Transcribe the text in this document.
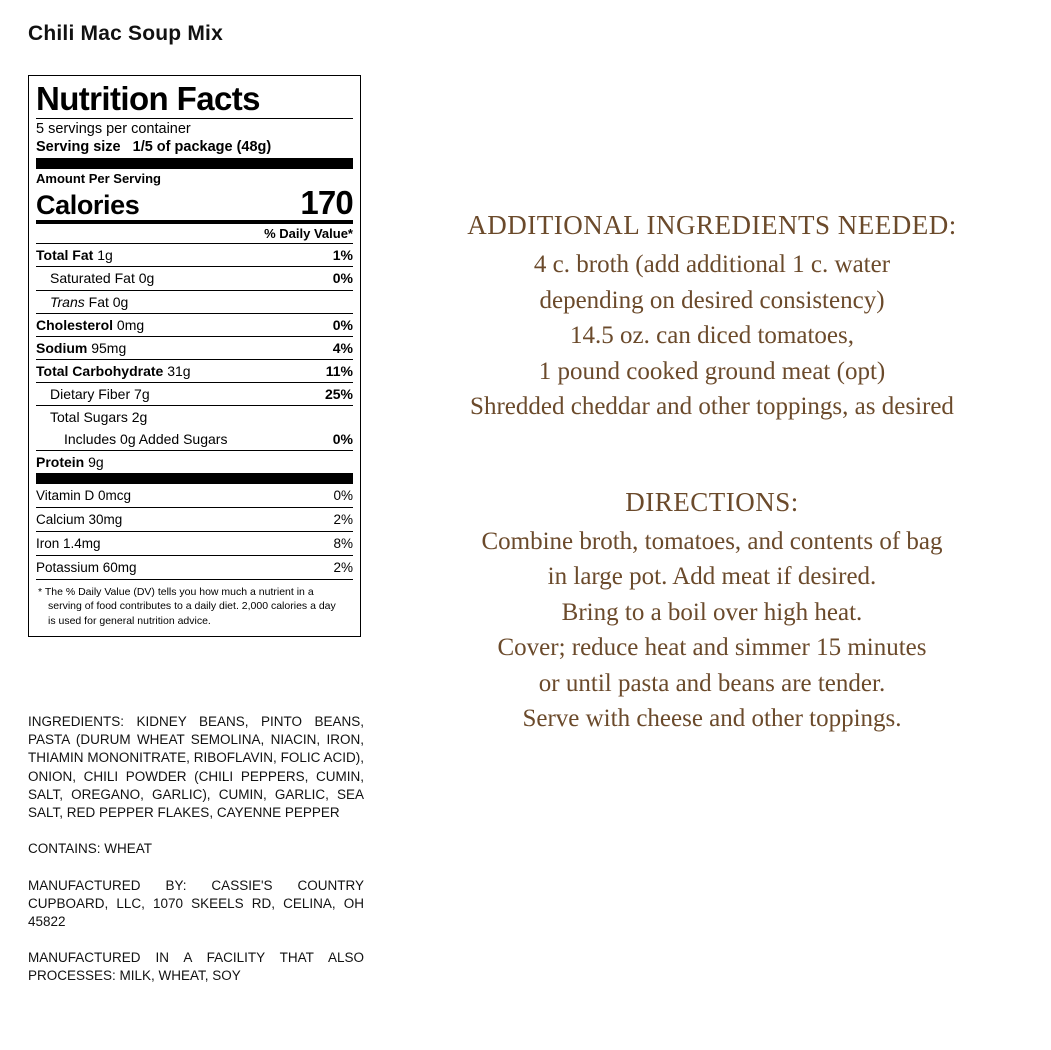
Chili Mac Soup Mix
Nutrition Facts
5 servings per container
Serving size 1/5 of package (48g)
Amount Per Serving
Calories	170
% Daily Value*
Total Fat 1g	1%
Saturated Fat 0g	0%
Trans Fat 0g
Cholesterol 0mg	0%
Sodium 95mg	4%
Total Carbohydrate 31g	11%
Dietary Fiber 7g	25%
Total Sugars 2g
Includes 0g Added Sugars	0%
Protein 9g
Vitamin D 0mcg	0%
Calcium 30mg	2%
Iron 1.4mg	8%
Potassium 60mg	2%
* The % Daily Value (DV) tells you how much a nutrient in a
serving of food contributes to a daily diet. 2,000 calories a day
is used for general nutrition advice.

INGREDIENTS: KIDNEY BEANS, PINTO BEANS, PASTA (DURUM WHEAT SEMOLINA, NIACIN, IRON, THIAMIN MONONITRATE, RIBOFLAVIN, FOLIC ACID), ONION, CHILI POWDER (CHILI PEPPERS, CUMIN, SALT, OREGANO, GARLIC), CUMIN, GARLIC, SEA SALT, RED PEPPER FLAKES, CAYENNE PEPPER

CONTAINS: WHEAT

MANUFACTURED BY: CASSIE'S COUNTRY CUPBOARD, LLC, 1070 SKEELS RD, CELINA, OH 45822

MANUFACTURED IN A FACILITY THAT ALSO PROCESSES: MILK, WHEAT, SOY

ADDITIONAL INGREDIENTS NEEDED:
4 c. broth (add additional 1 c. water
depending on desired consistency)
14.5 oz. can diced tomatoes,
1 pound cooked ground meat (opt)
Shredded cheddar and other toppings, as desired
DIRECTIONS:
Combine broth, tomatoes, and contents of bag
in large pot. Add meat if desired.
Bring to a boil over high heat.
Cover; reduce heat and simmer 15 minutes
or until pasta and beans are tender.
Serve with cheese and other toppings.
